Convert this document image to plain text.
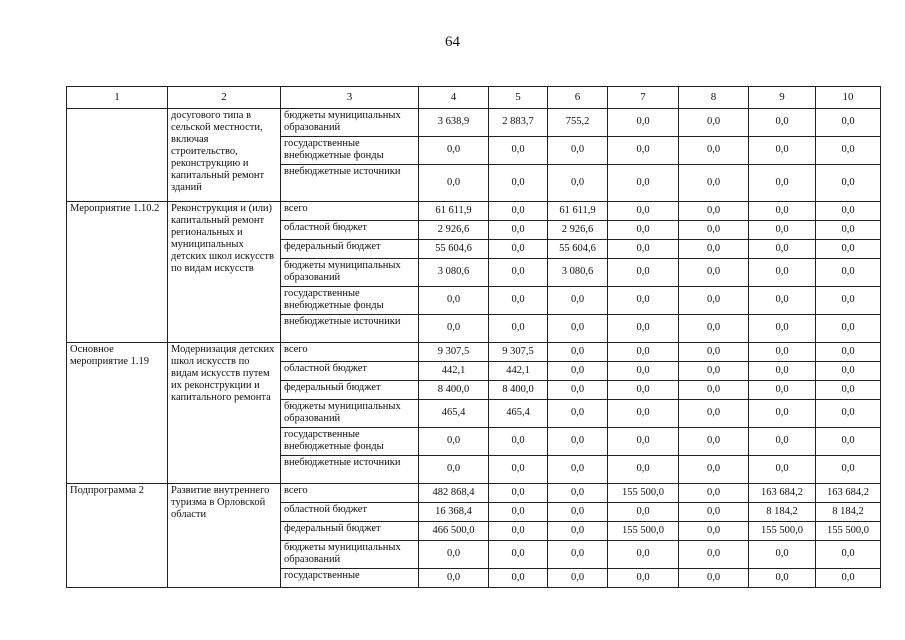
64
1	2	3	4	5	6	7	8	9	10
	досугового типа в сельской местности, включая строительство, реконструкцию и капитальный ремонт зданий	бюджеты муниципальных образований	3 638,9	2 883,7	755,2	0,0	0,0	0,0	0,0
		государственные внебюджетные фонды	0,0	0,0	0,0	0,0	0,0	0,0	0,0
		внебюджетные источники	0,0	0,0	0,0	0,0	0,0	0,0	0,0
Мероприятие 1.10.2	Реконструкция и (или) капитальный ремонт региональных и муниципальных детских школ искусств по видам искусств	всего	61 611,9	0,0	61 611,9	0,0	0,0	0,0	0,0
		областной бюджет	2 926,6	0,0	2 926,6	0,0	0,0	0,0	0,0
		федеральный бюджет	55 604,6	0,0	55 604,6	0,0	0,0	0,0	0,0
		бюджеты муниципальных образований	3 080,6	0,0	3 080,6	0,0	0,0	0,0	0,0
		государственные внебюджетные фонды	0,0	0,0	0,0	0,0	0,0	0,0	0,0
		внебюджетные источники	0,0	0,0	0,0	0,0	0,0	0,0	0,0
Основное мероприятие 1.19	Модернизация детских школ искусств по видам искусств путем их реконструкции и капитального ремонта	всего	9 307,5	9 307,5	0,0	0,0	0,0	0,0	0,0
		областной бюджет	442,1	442,1	0,0	0,0	0,0	0,0	0,0
		федеральный бюджет	8 400,0	8 400,0	0,0	0,0	0,0	0,0	0,0
		бюджеты муниципальных образований	465,4	465,4	0,0	0,0	0,0	0,0	0,0
		государственные внебюджетные фонды	0,0	0,0	0,0	0,0	0,0	0,0	0,0
		внебюджетные источники	0,0	0,0	0,0	0,0	0,0	0,0	0,0
Подпрограмма 2	Развитие внутреннего туризма в Орловской области	всего	482 868,4	0,0	0,0	155 500,0	0,0	163 684,2	163 684,2
		областной бюджет	16 368,4	0,0	0,0	0,0	0,0	8 184,2	8 184,2
		федеральный бюджет	466 500,0	0,0	0,0	155 500,0	0,0	155 500,0	155 500,0
		бюджеты муниципальных образований	0,0	0,0	0,0	0,0	0,0	0,0	0,0
		государственные	0,0	0,0	0,0	0,0	0,0	0,0	0,0
